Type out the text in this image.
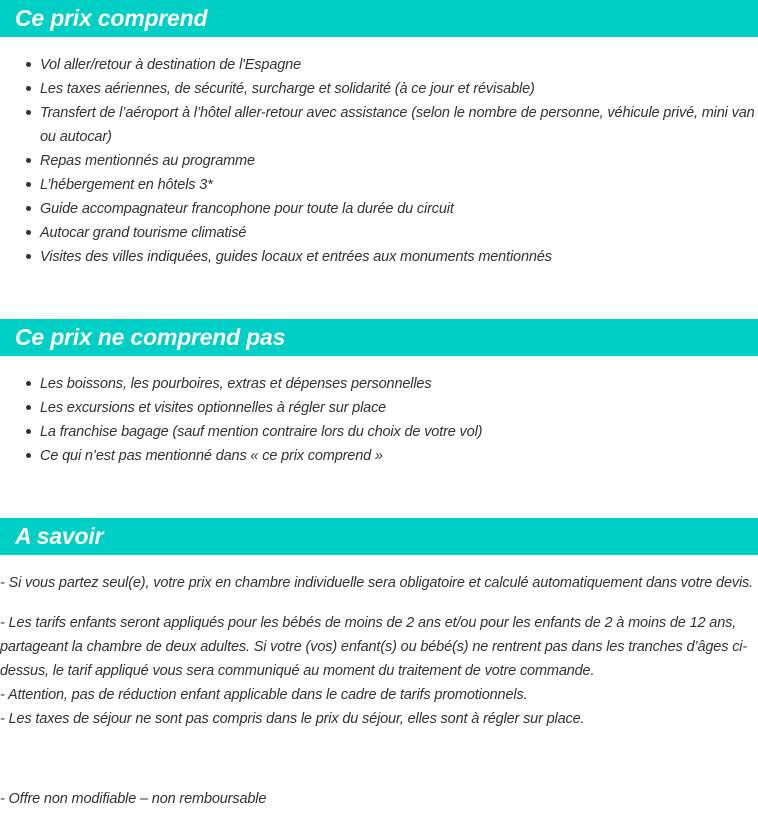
Ce prix comprend
Vol aller/retour à destination de l'Espagne
Les taxes aériennes, de sécurité, surcharge et solidarité (à ce jour et révisable)
Transfert de l’aéroport à l’hôtel aller-retour avec assistance (selon le nombre de personne, véhicule privé, mini van ou autocar)
Repas mentionnés au programme
L’hébergement en hôtels 3*
Guide accompagnateur francophone pour toute la durée du circuit
Autocar grand tourisme climatisé
Visites des villes indiquées, guides locaux et entrées aux monuments mentionnés
Ce prix ne comprend pas
Les boissons, les pourboires, extras et dépenses personnelles
Les excursions et visites optionnelles à régler sur place
La franchise bagage (sauf mention contraire lors du choix de votre vol)
Ce qui n’est pas mentionné dans « ce prix comprend »
A savoir

- Si vous partez seul(e), votre prix en chambre individuelle sera obligatoire et calculé automatiquement dans votre devis.

- Les tarifs enfants seront appliqués pour les bébés de moins de 2 ans et/ou pour les enfants de 2 à moins de 12 ans, partageant la chambre de deux adultes. Si votre (vos) enfant(s) ou bébé(s) ne rentrent pas dans les tranches d’âges ci-dessus, le tarif appliqué vous sera communiqué au moment du traitement de votre commande.

- Attention, pas de réduction enfant applicable dans le cadre de tarifs promotionnels.

- Les taxes de séjour ne sont pas compris dans le prix du séjour, elles sont à régler sur place.

- Offre non modifiable – non remboursable
